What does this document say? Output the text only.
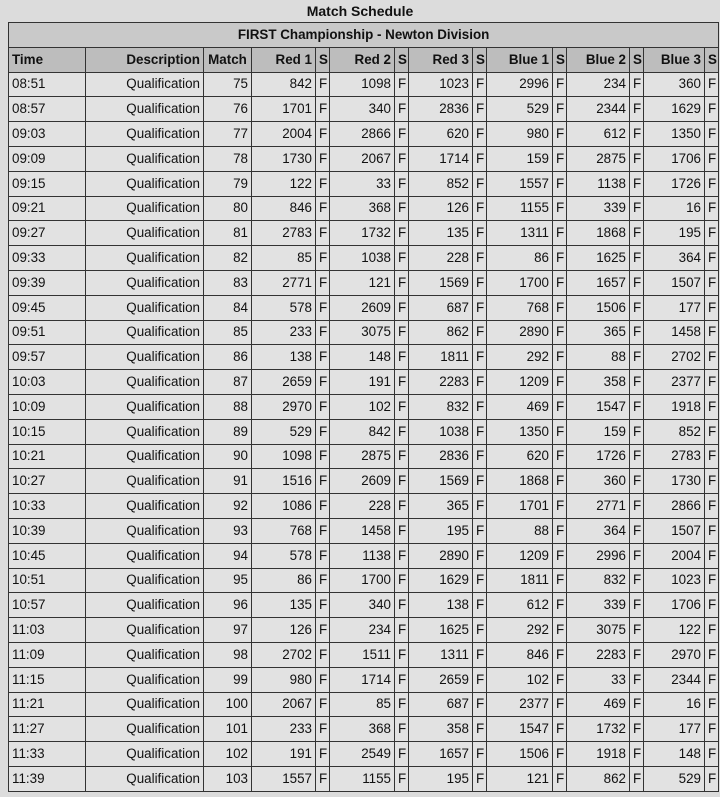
Match Schedule
FIRST Championship - Newton Division														
Time	Description	Match	Red 1	S	Red 2	S	Red 3	S	Blue 1	S	Blue 2	S	Blue 3	S
08:51	Qualification	75	842	F	1098	F	1023	F	2996	F	234	F	360	F
08:57	Qualification	76	1701	F	340	F	2836	F	529	F	2344	F	1629	F
09:03	Qualification	77	2004	F	2866	F	620	F	980	F	612	F	1350	F
09:09	Qualification	78	1730	F	2067	F	1714	F	159	F	2875	F	1706	F
09:15	Qualification	79	122	F	33	F	852	F	1557	F	1138	F	1726	F
09:21	Qualification	80	846	F	368	F	126	F	1155	F	339	F	16	F
09:27	Qualification	81	2783	F	1732	F	135	F	1311	F	1868	F	195	F
09:33	Qualification	82	85	F	1038	F	228	F	86	F	1625	F	364	F
09:39	Qualification	83	2771	F	121	F	1569	F	1700	F	1657	F	1507	F
09:45	Qualification	84	578	F	2609	F	687	F	768	F	1506	F	177	F
09:51	Qualification	85	233	F	3075	F	862	F	2890	F	365	F	1458	F
09:57	Qualification	86	138	F	148	F	1811	F	292	F	88	F	2702	F
10:03	Qualification	87	2659	F	191	F	2283	F	1209	F	358	F	2377	F
10:09	Qualification	88	2970	F	102	F	832	F	469	F	1547	F	1918	F
10:15	Qualification	89	529	F	842	F	1038	F	1350	F	159	F	852	F
10:21	Qualification	90	1098	F	2875	F	2836	F	620	F	1726	F	2783	F
10:27	Qualification	91	1516	F	2609	F	1569	F	1868	F	360	F	1730	F
10:33	Qualification	92	1086	F	228	F	365	F	1701	F	2771	F	2866	F
10:39	Qualification	93	768	F	1458	F	195	F	88	F	364	F	1507	F
10:45	Qualification	94	578	F	1138	F	2890	F	1209	F	2996	F	2004	F
10:51	Qualification	95	86	F	1700	F	1629	F	1811	F	832	F	1023	F
10:57	Qualification	96	135	F	340	F	138	F	612	F	339	F	1706	F
11:03	Qualification	97	126	F	234	F	1625	F	292	F	3075	F	122	F
11:09	Qualification	98	2702	F	1511	F	1311	F	846	F	2283	F	2970	F
11:15	Qualification	99	980	F	1714	F	2659	F	102	F	33	F	2344	F
11:21	Qualification	100	2067	F	85	F	687	F	2377	F	469	F	16	F
11:27	Qualification	101	233	F	368	F	358	F	1547	F	1732	F	177	F
11:33	Qualification	102	191	F	2549	F	1657	F	1506	F	1918	F	148	F
11:39	Qualification	103	1557	F	1155	F	195	F	121	F	862	F	529	F
